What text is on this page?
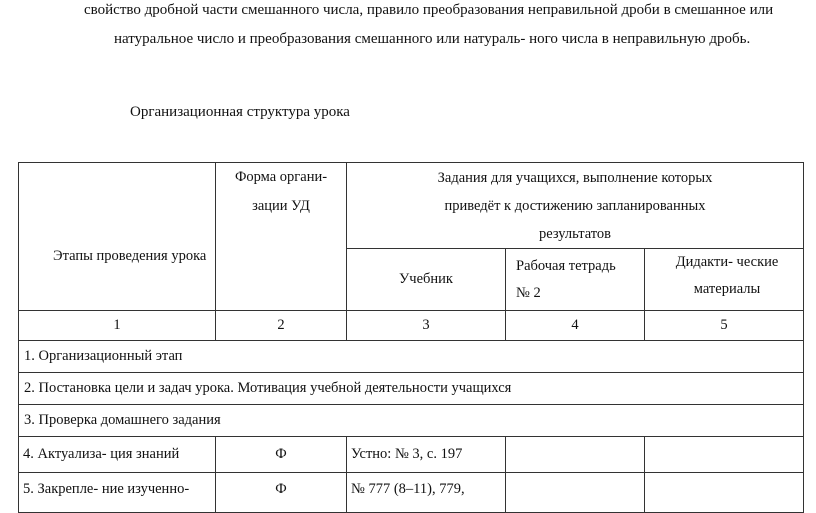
свойство дробной части смешанного числа, правило преобразования неправильной дроби в смешанное или
натуральное число и преобразования смешанного или натураль- ного числа в неправильную дробь.
Организационная структура урока
Этапы проведения урока	Форма органи- зации УД	Задания для учащихся, выполнение которых приведёт к достижению запланированных результатов		
		Учебник	Рабочая тетрадь № 2	Дидакти- ческие материалы
1	2	3	4	5
1. Организационный этап				
2. Постановка цели и задач урока. Мотивация учебной деятельности учащихся				
3. Проверка домашнего задания				
4. Актуализа- ция знаний	Ф	Устно: № 3, с. 197		
5. Закрепле- ние изученно-	Ф	№ 777 (8–11), 779,		
